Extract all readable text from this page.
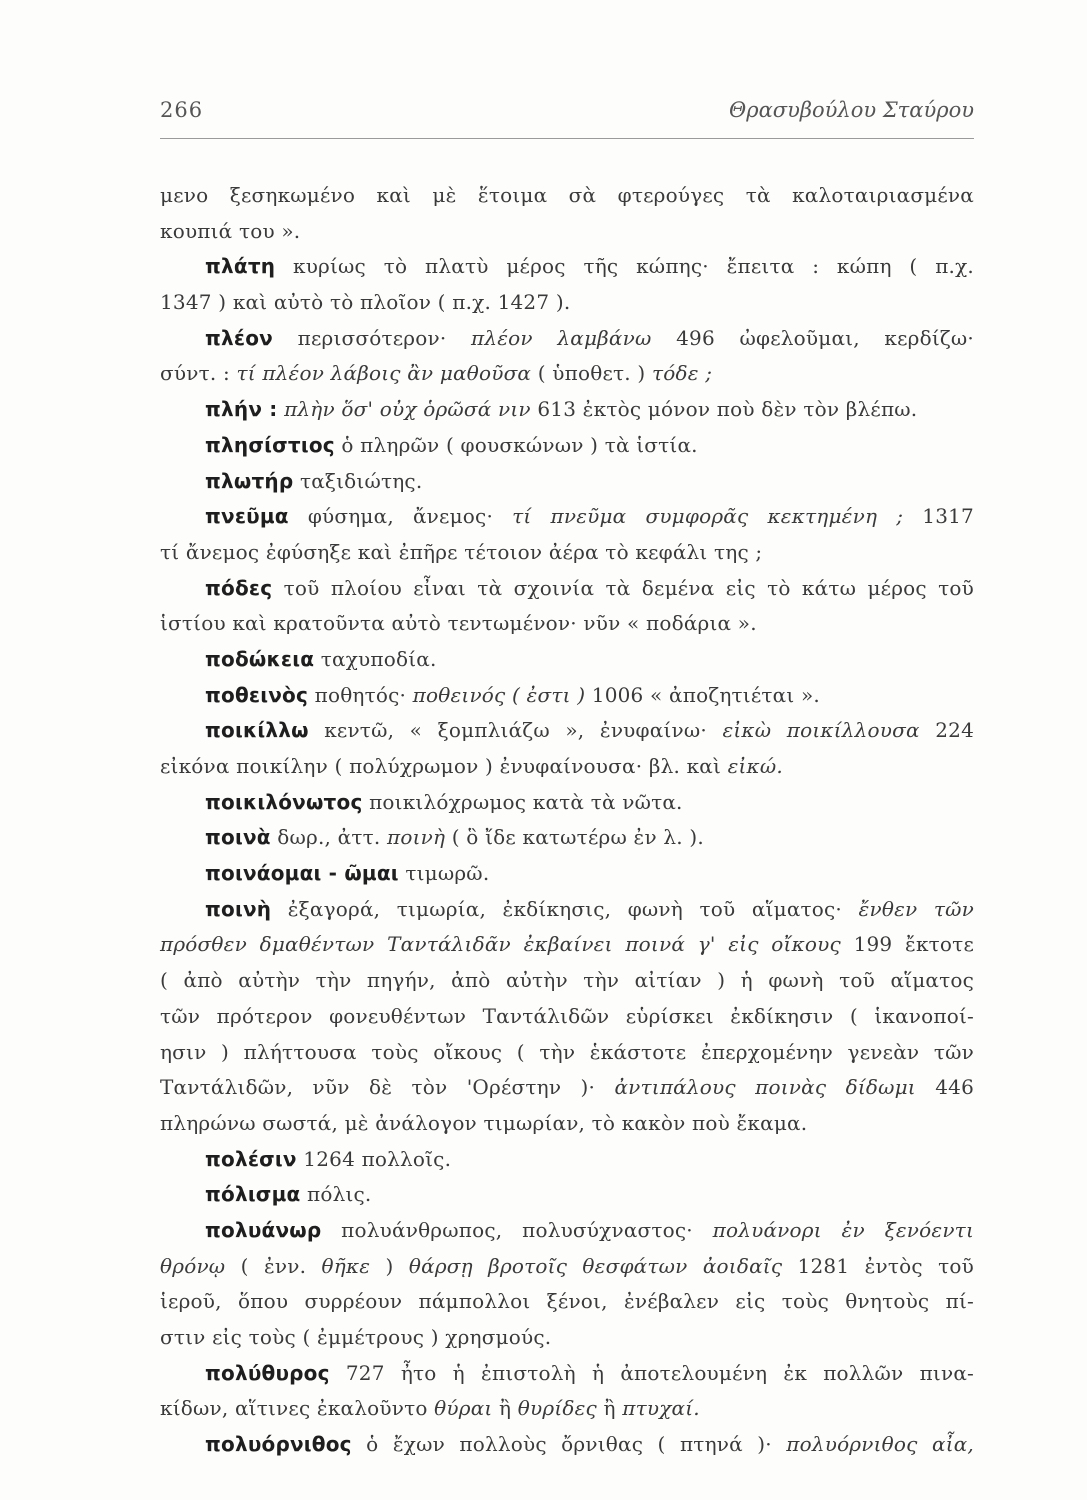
266	Θρασυβούλου Σταύρου
μενο ξεσηκωμένο καὶ μὲ ἕτοιμα σὰ φτερούγες τὰ καλοταιριασμένα
κουπιά του ».
πλάτη κυρίως τὸ πλατὺ μέρος τῆς κώπης· ἔπειτα : κώπη ( π.χ.
1347 ) καὶ αὐτὸ τὸ πλοῖον ( π.χ. 1427 ).
πλέον περισσότερον· πλέον λαμβάνω 496 ὠφελοῦμαι, κερδίζω·
σύντ. : τί πλέον λάβοις ἂν μαθοῦσα ( ὑποθετ. ) τόδε ;
πλήν : πλὴν ὅσ' οὐχ ὁρῶσά νιν 613 ἐκτὸς μόνον ποὺ δὲν τὸν βλέπω.
πλησίστιος ὁ πληρῶν ( φουσκώνων ) τὰ ἱστία.
πλωτήρ ταξιδιώτης.
πνεῦμα φύσημα, ἄνεμος· τί πνεῦμα συμφορᾶς κεκτημένη ; 1317
τί ἄνεμος ἐφύσηξε καὶ ἐπῆρε τέτοιον ἀέρα τὸ κεφάλι της ;
πόδες τοῦ πλοίου εἶναι τὰ σχοινία τὰ δεμένα εἰς τὸ κάτω μέρος τοῦ
ἱστίου καὶ κρατοῦντα αὐτὸ τεντωμένον· νῦν « ποδάρια ».
ποδώκεια ταχυποδία.
ποθεινὸς ποθητός· ποθεινός ( ἐστι ) 1006 « ἀποζητιέται ».
ποικίλλω κεντῶ, « ξομπλιάζω », ἐνυφαίνω· εἰκὼ ποικίλλουσα 224
εἰκόνα ποικίλην ( πολύχρωμον ) ἐνυφαίνουσα· βλ. καὶ εἰκώ.
ποικιλόνωτος ποικιλόχρωμος κατὰ τὰ νῶτα.
ποινὰ δωρ., ἀττ. ποινὴ ( ὃ ἴδε κατωτέρω ἐν λ. ).
ποινάομαι - ῶμαι τιμωρῶ.
ποινὴ ἐξαγορά, τιμωρία, ἐκδίκησις, φωνὴ τοῦ αἵματος· ἔνθεν τῶν
πρόσθεν δμαθέντων Ταντάλιδᾶν ἐκβαίνει ποινά γ' εἰς οἴκους 199 ἔκτοτε
( ἀπὸ αὐτὴν τὴν πηγήν, ἀπὸ αὐτὴν τὴν αἰτίαν ) ἡ φωνὴ τοῦ αἵματος
τῶν πρότερον φονευθέντων Ταντάλιδῶν εὑρίσκει ἐκδίκησιν ( ἱκανοποί-
ησιν ) πλήττουσα τοὺς οἴκους ( τὴν ἑκάστοτε ἐπερχομένην γενεὰν τῶν
Ταντάλιδῶν, νῦν δὲ τὸν 'Ορέστην )· ἀντιπάλους ποινὰς δίδωμι 446
πληρώνω σωστά, μὲ ἀνάλογον τιμωρίαν, τὸ κακὸν ποὺ ἔκαμα.
πολέσιν 1264 πολλοῖς.
πόλισμα πόλις.
πολυάνωρ πολυάνθρωπος, πολυσύχναστος· πολυάνορι ἐν ξενόεντι
θρόνῳ ( ἐνν. θῆκε ) θάρσῃ βροτοῖς θεσφάτων ἀοιδαῖς 1281 ἐντὸς τοῦ
ἱεροῦ, ὅπου συρρέουν πάμπολλοι ξένοι, ἐνέβαλεν εἰς τοὺς θνητοὺς πί-
στιν εἰς τοὺς ( ἐμμέτρους ) χρησμούς.
πολύθυρος 727 ἦτο ἡ ἐπιστολὴ ἡ ἀποτελουμένη ἐκ πολλῶν πινα-
κίδων, αἵτινες ἐκαλοῦντο θύραι ἢ θυρίδες ἢ πτυχαί.
πολυόρνιθος ὁ ἔχων πολλοὺς ὄρνιθας ( πτηνά )· πολυόρνιθος αἶα,
